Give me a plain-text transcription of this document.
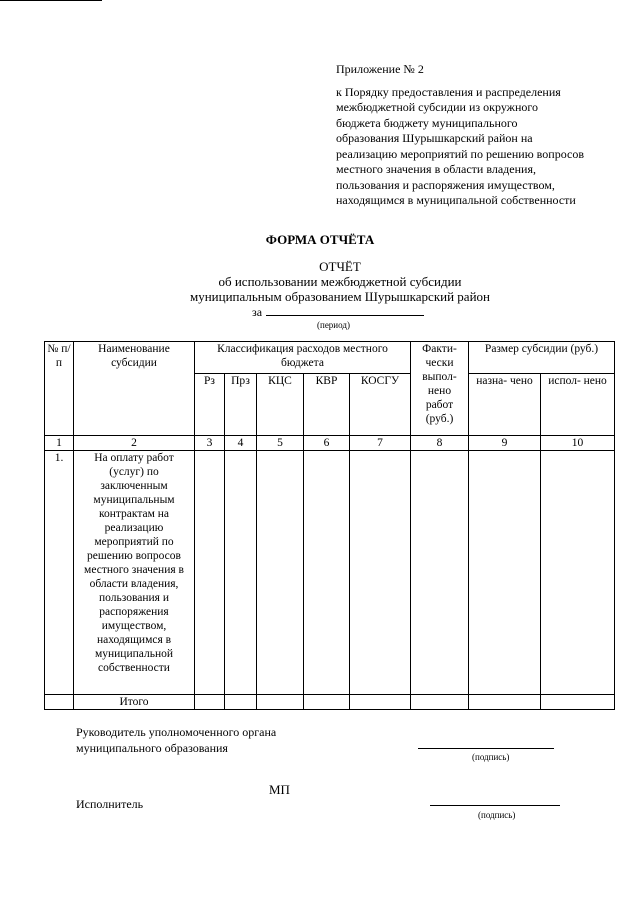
Приложение № 2
к Порядку предоставления и распределения
межбюджетной субсидии из окружного
бюджета бюджету муниципального
образования Шурышкарский район на
реализацию мероприятий по решению вопросов
местного значения в области владения,
пользования и распоряжения имуществом,
находящимся в муниципальной собственности
ФОРМА ОТЧЁТА
ОТЧЁТ
об использовании межбюджетной субсидии
муниципальным образованием Шурышкарский район
за
(период)
№ п/п	Наименование субсидии	Классификация расходов местного бюджета					Факти- чески выпол- нено работ (руб.)	Размер субсидии (руб.)	
		Рз	Прз	КЦС	КВР	КОСГУ		назна- чено	испол- нено
1	2	3	4	5	6	7	8	9	10
1.	На оплату работ (услуг) по заключенным муниципальным контрактам на реализацию мероприятий по решению вопросов местного значения в области владения, пользования и распоряжения имуществом, находящимся в муниципальной собственности								
	Итого								
Руководитель уполномоченного органа
муниципального образования
(подпись)
МП
Исполнитель
(подпись)
